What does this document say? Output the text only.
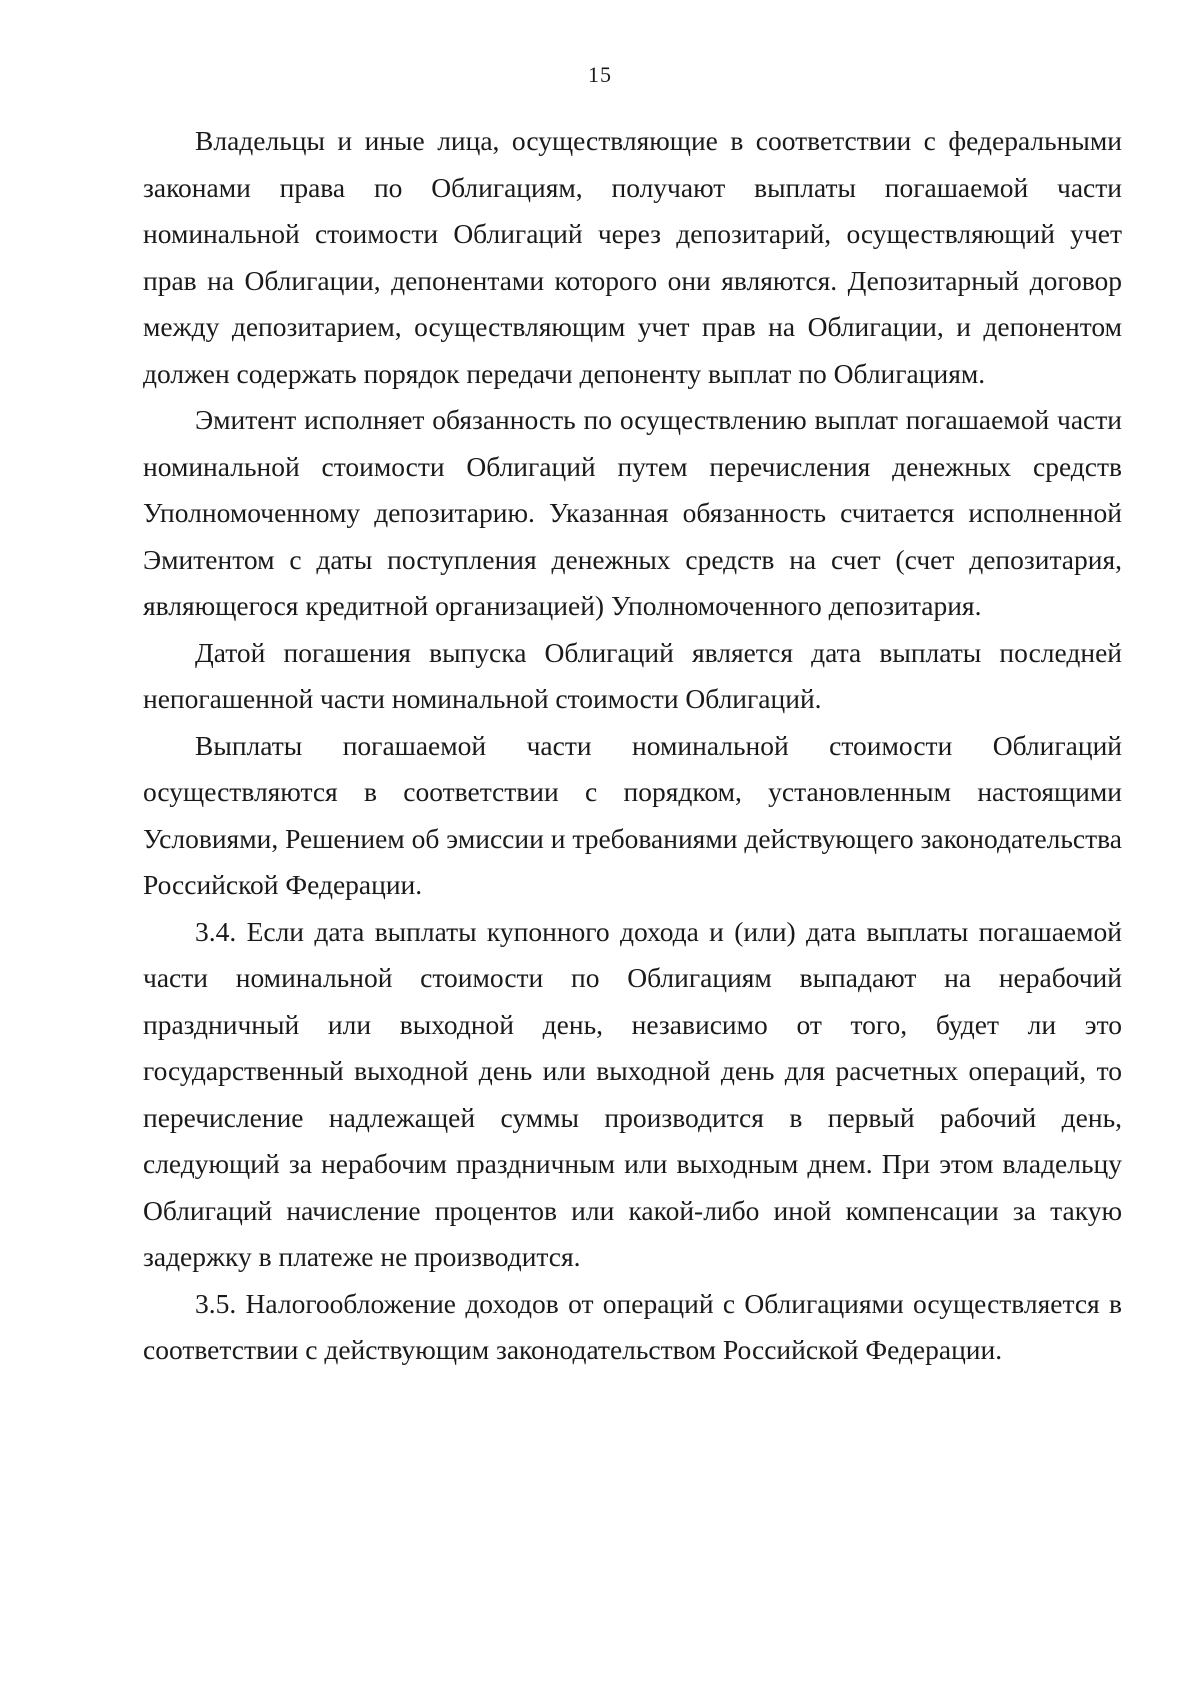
15

Владельцы и иные лица, осуществляющие в соответствии с федеральными законами права по Облигациям, получают выплаты погашаемой части номинальной стоимости Облигаций через депозитарий, осуществляющий учет прав на Облигации, депонентами которого они являются. Депозитарный договор между депозитарием, осуществляющим учет прав на Облигации, и депонентом должен содержать порядок передачи депоненту выплат по Облигациям.

Эмитент исполняет обязанность по осуществлению выплат погашаемой части номинальной стоимости Облигаций путем перечисления денежных средств Уполномоченному депозитарию. Указанная обязанность считается исполненной Эмитентом с даты поступления денежных средств на счет (счет депозитария, являющегося кредитной организацией) Уполномоченного депозитария.

Датой погашения выпуска Облигаций является дата выплаты последней непогашенной части номинальной стоимости Облигаций.

Выплаты погашаемой части номинальной стоимости Облигаций осуществляются в соответствии с порядком, установленным настоящими Условиями, Решением об эмиссии и требованиями действующего законодательства Российской Федерации.

3.4. Если дата выплаты купонного дохода и (или) дата выплаты погашаемой части номинальной стоимости по Облигациям выпадают на нерабочий праздничный или выходной день, независимо от того, будет ли это государственный выходной день или выходной день для расчетных операций, то перечисление надлежащей суммы производится в первый рабочий день, следующий за нерабочим праздничным или выходным днем. При этом владельцу Облигаций начисление процентов или какой-либо иной компенсации за такую задержку в платеже не производится.

3.5. Налогообложение доходов от операций с Облигациями осуществляется в соответствии с действующим законодательством Российской Федерации.
